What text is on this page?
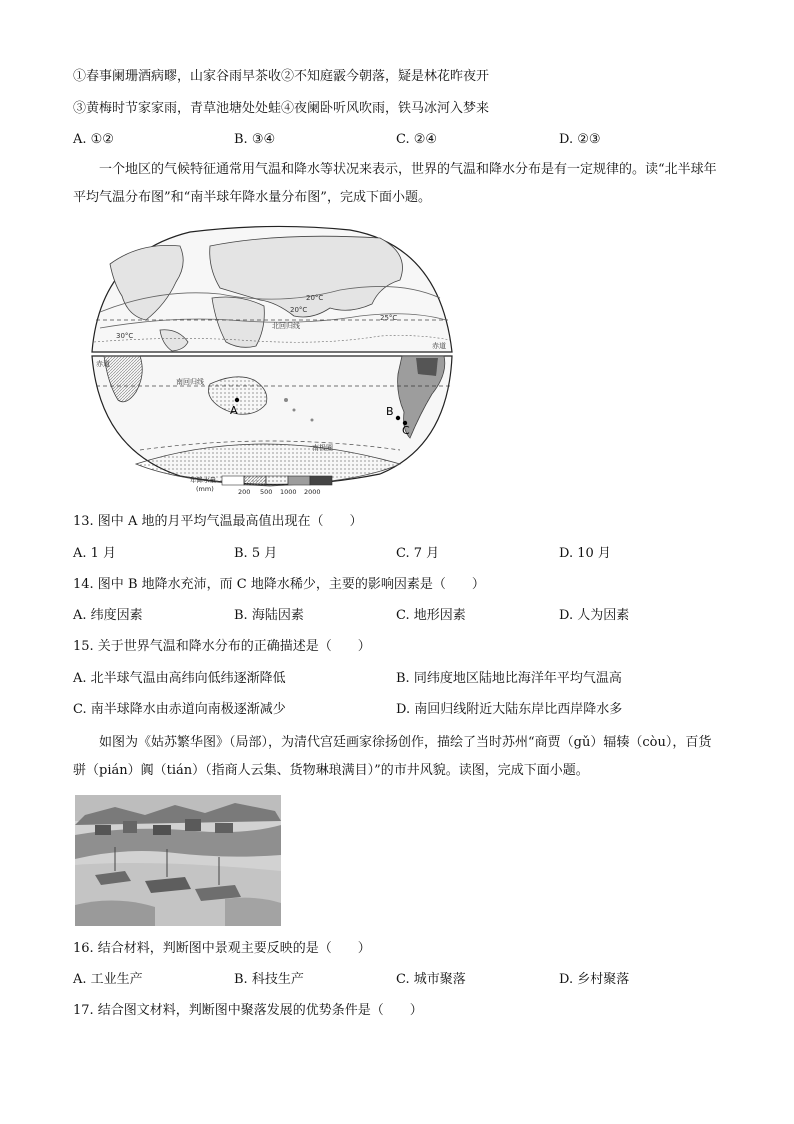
①春事阑珊酒病疁，山家谷雨早茶收②不知庭霰今朝落，疑是林花昨夜开
③黄梅时节家家雨，青草池塘处处蛙④夜阑卧听风吹雨，铁马冰河入梦来
A. ①②	B. ③④	C. ②④	D. ②③
一个地区的气候特征通常用气温和降水等状况来表示，世界的气温和降水分布是有一定规律的。读“北半球年平均气温分布图”和“南半球年降水量分布图”，完成下面小题。
20°C
20°C
30°C
25°C
北回归线
赤道
赤道
南回归线
南极圈
A	B
C
年降水量
(mm)	200 500 1000 2000
13. 图中 A 地的月平均气温最高值出现在（　　）
A. 1 月	B. 5 月	C. 7 月	D. 10 月
14. 图中 B 地降水充沛，而 C 地降水稀少，主要的影响因素是（　　）
A. 纬度因素	B. 海陆因素	C. 地形因素	D. 人为因素
15. 关于世界气温和降水分布的正确描述是（　　）
A. 北半球气温由高纬向低纬逐渐降低	B. 同纬度地区陆地比海洋年平均气温高
C. 南半球降水由赤道向南极逐渐减少	D. 南回归线附近大陆东岸比西岸降水多
如图为《姑苏繁华图》（局部），为清代宫廷画家徐扬创作，描绘了当时苏州“商贾（gǔ）辐辏（còu），百货骈（pián）阗（tián）（指商人云集、货物琳琅满目）”的市井风貌。读图，完成下面小题。
16. 结合材料，判断图中景观主要反映的是（　　）
A. 工业生产	B. 科技生产	C. 城市聚落	D. 乡村聚落
17. 结合图文材料，判断图中聚落发展的优势条件是（　　）
